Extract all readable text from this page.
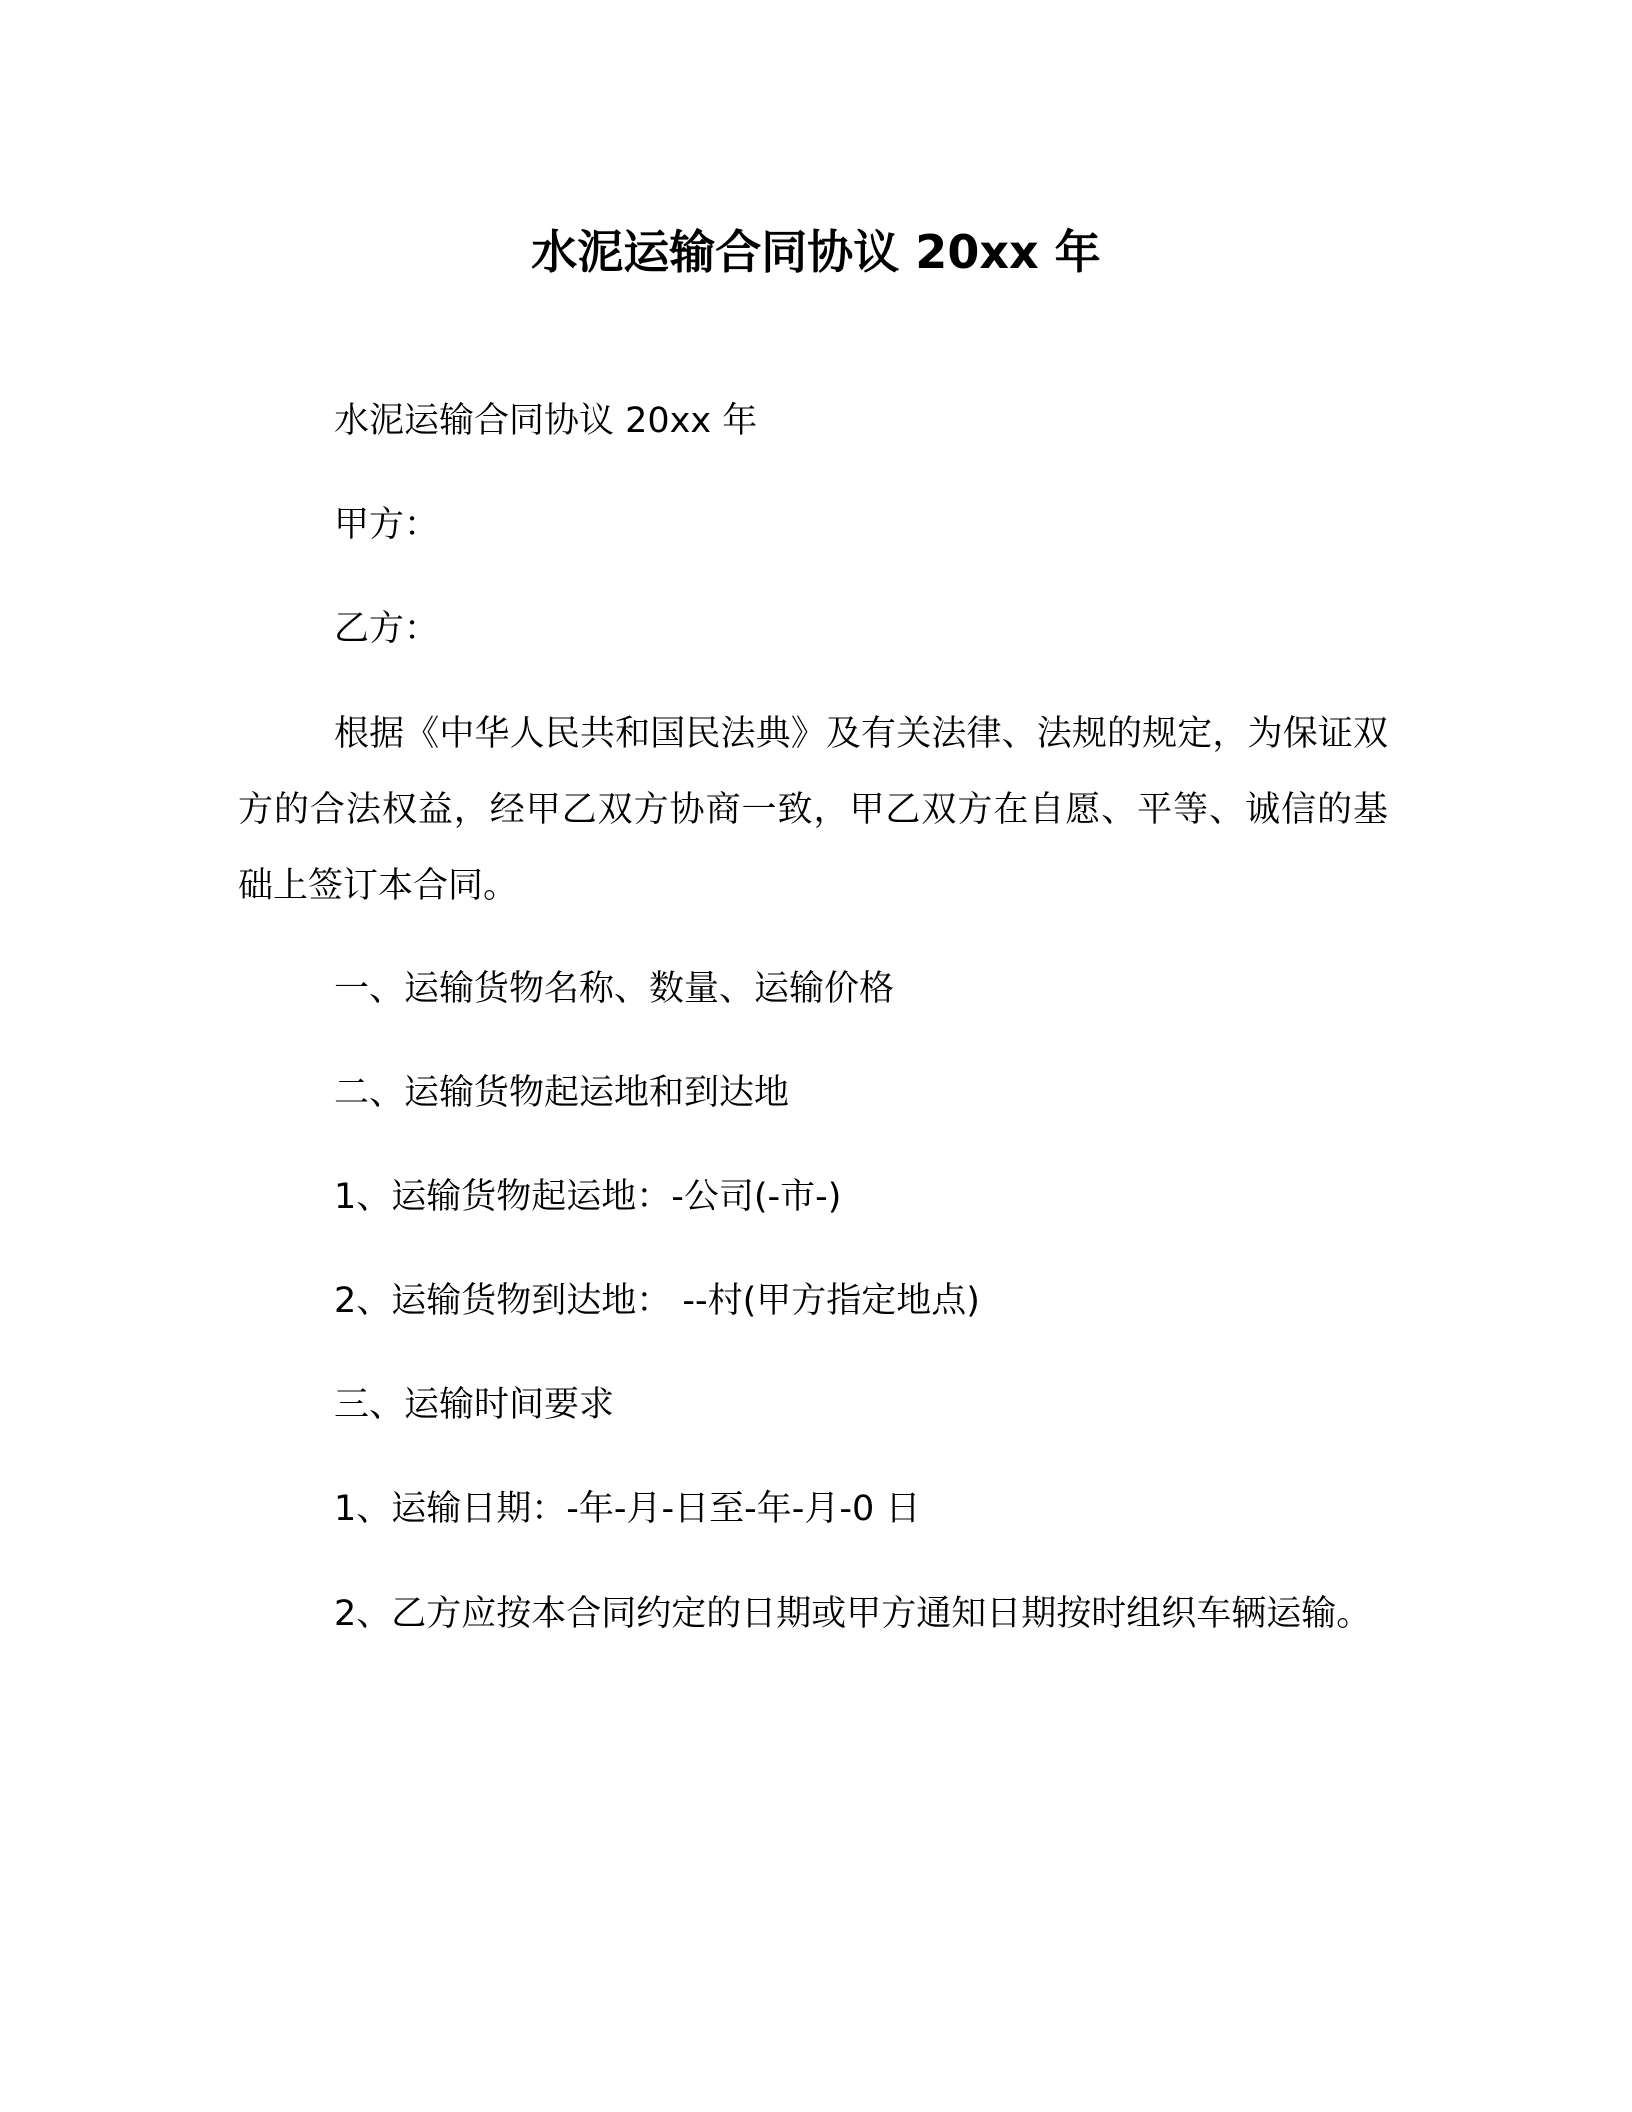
水泥运输合同协议 20xx 年

水泥运输合同协议 20xx 年

甲方：

乙方：

根据《中华人民共和国民法典》及有关法律、法规的规定，为保证双方的合法权益，经甲乙双方协商一致，甲乙双方在自愿、平等、诚信的基础上签订本合同。

一、运输货物名称、数量、运输价格

二、运输货物起运地和到达地

1、运输货物起运地：-公司(-市-)

2、运输货物到达地： --村(甲方指定地点)

三、运输时间要求

1、运输日期：-年-月-日至-年-月-0 日

2、乙方应按本合同约定的日期或甲方通知日期按时组织车辆运输。
